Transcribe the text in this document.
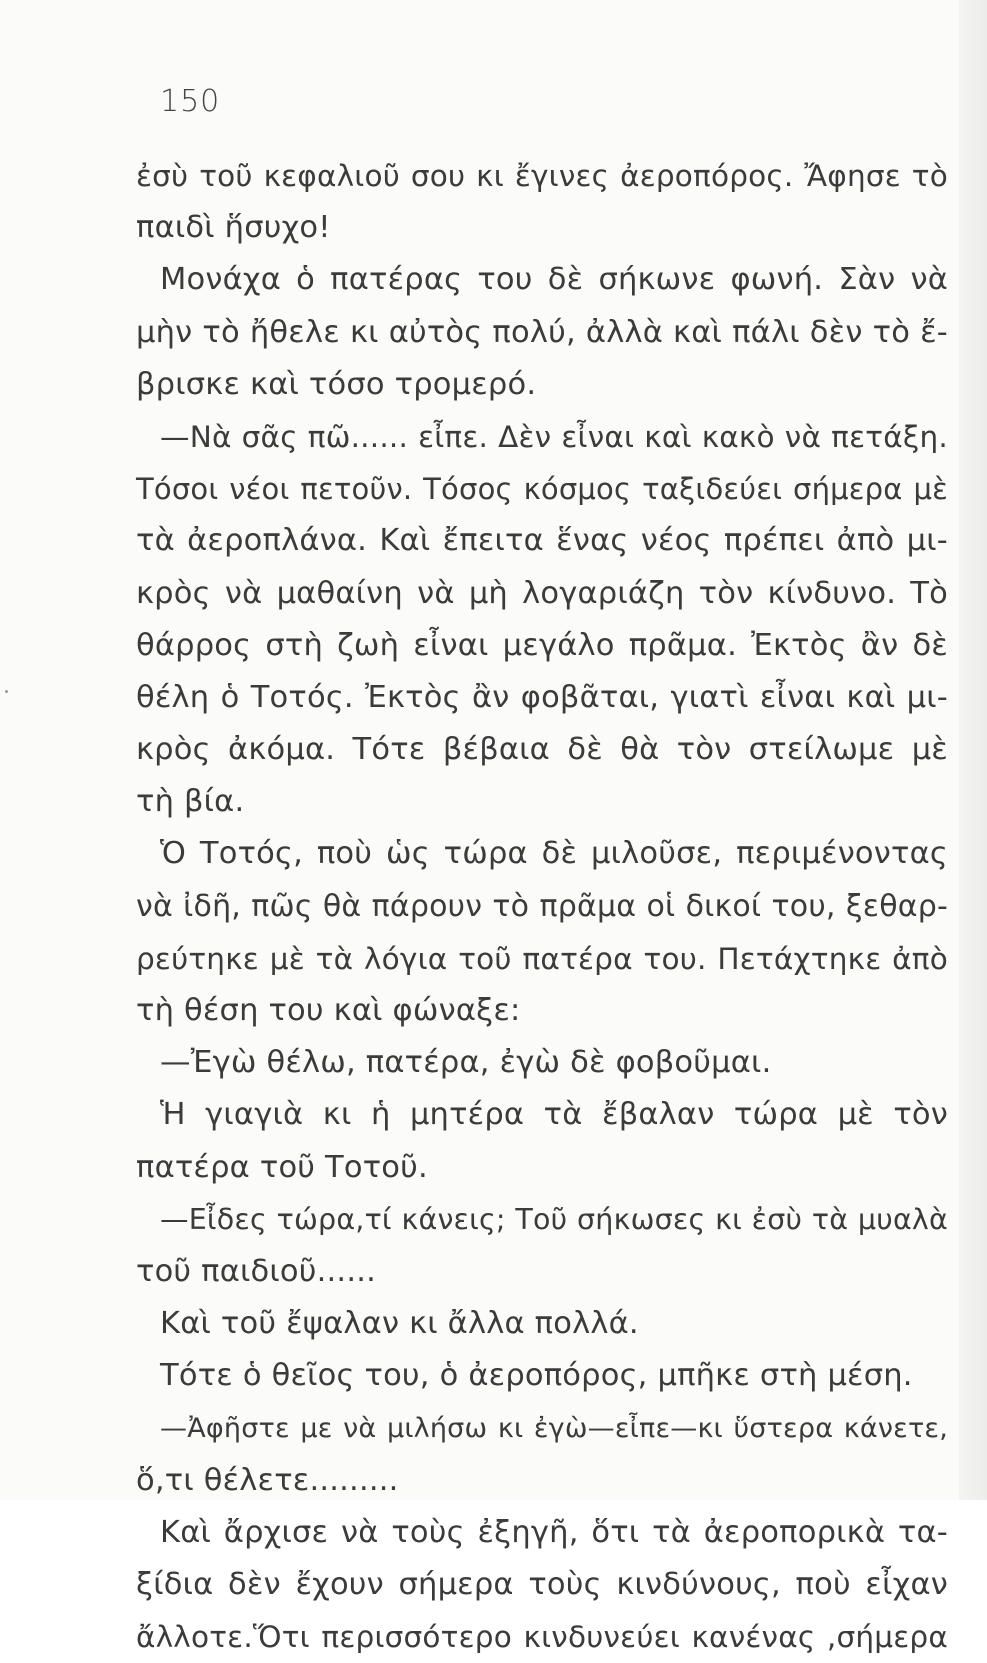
150
ἐσὺ τοῦ κεφαλιοῦ σου κι ἔγινες ἀεροπόρος. Ἄφησε τὸ
παιδὶ ἥσυχο!
Μονάχα ὁ πατέρας του δὲ σήκωνε φωνή. Σὰν νὰ
μὴν τὸ ἤθελε κι αὐτὸς πολύ, ἀλλὰ καὶ πάλι δὲν τὸ ἔ-
βρισκε καὶ τόσο τρομερό.
—Νὰ σᾶς πῶ...... εἶπε. Δὲν εἶναι καὶ κακὸ νὰ πετάξη.
Τόσοι νέοι πετοῦν. Τόσος κόσμος ταξιδεύει σήμερα μὲ
τὰ ἀεροπλάνα. Καὶ ἔπειτα ἕνας νέος πρέπει ἀπὸ μι-
κρὸς νὰ μαθαίνη νὰ μὴ λογαριάζη τὸν κίνδυνο. Τὸ
θάρρος στὴ ζωὴ εἶναι μεγάλο πρᾶμα. Ἐκτὸς ἂν δὲ
θέλη ὁ Τοτός. Ἐκτὸς ἂν φοβᾶται, γιατὶ εἶναι καὶ μι-
κρὸς ἀκόμα. Τότε βέβαια δὲ θὰ τὸν στείλωμε μὲ
τὴ βία.
Ὁ Τοτός, ποὺ ὡς τώρα δὲ μιλοῦσε, περιμένοντας
νὰ ἰδῆ, πῶς θὰ πάρουν τὸ πρᾶμα οἱ δικοί του, ξεθαρ-
ρεύτηκε μὲ τὰ λόγια τοῦ πατέρα του. Πετάχτηκε ἀπὸ
τὴ θέση του καὶ φώναξε:
—Ἐγὼ θέλω, πατέρα, ἐγὼ δὲ φοβοῦμαι.
Ἡ γιαγιὰ κι ἡ μητέρα τὰ ἔβαλαν τώρα μὲ τὸν
πατέρα τοῦ Τοτοῦ.
—Εἶδες τώρα,τί κάνεις; Τοῦ σήκωσες κι ἐσὺ τὰ μυαλὰ
τοῦ παιδιοῦ......
Καὶ τοῦ ἔψαλαν κι ἄλλα πολλά.
Τότε ὁ θεῖος του, ὁ ἀεροπόρος, μπῆκε στὴ μέση.
—Ἀφῆστε με νὰ μιλήσω κι ἐγὼ—εἶπε—κι ὕστερα κάνετε,
ὅ,τι θέλετε.........
Καὶ ἄρχισε νὰ τοὺς ἐξηγῆ, ὅτι τὰ ἀεροπορικὰ τα-
ξίδια δὲν ἔχουν σήμερα τοὺς κινδύνους, ποὺ εἶχαν
ἄλλοτε.Ὅτι περισσότερο κινδυνεύει κανένας ,σήμερα
